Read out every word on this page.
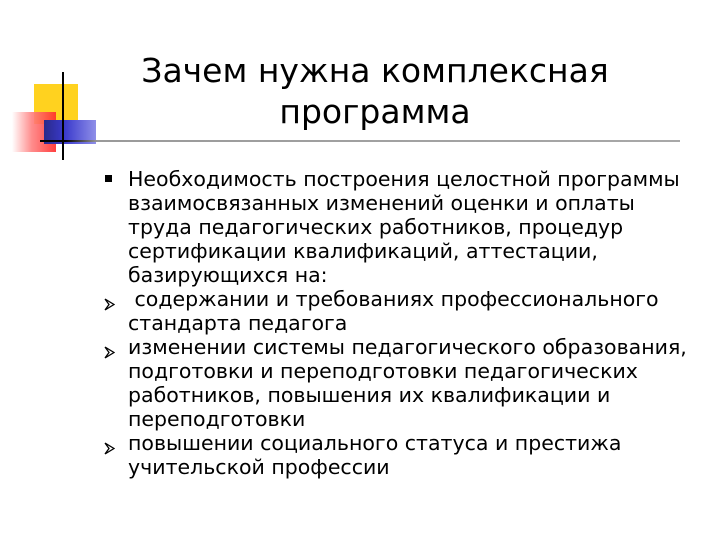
Зачем нужна комплексная программа
Необходимость построения целостной программы взаимосвязанных изменений оценки и оплаты труда педагогических работников, процедур сертификации квалификаций, аттестации, базирующихся на:
содержании и требованиях профессионального стандарта педагога
изменении системы педагогического образования, подготовки и переподготовки педагогических работников, повышения их квалификации и переподготовки
повышении социального статуса и престижа учительской профессии
